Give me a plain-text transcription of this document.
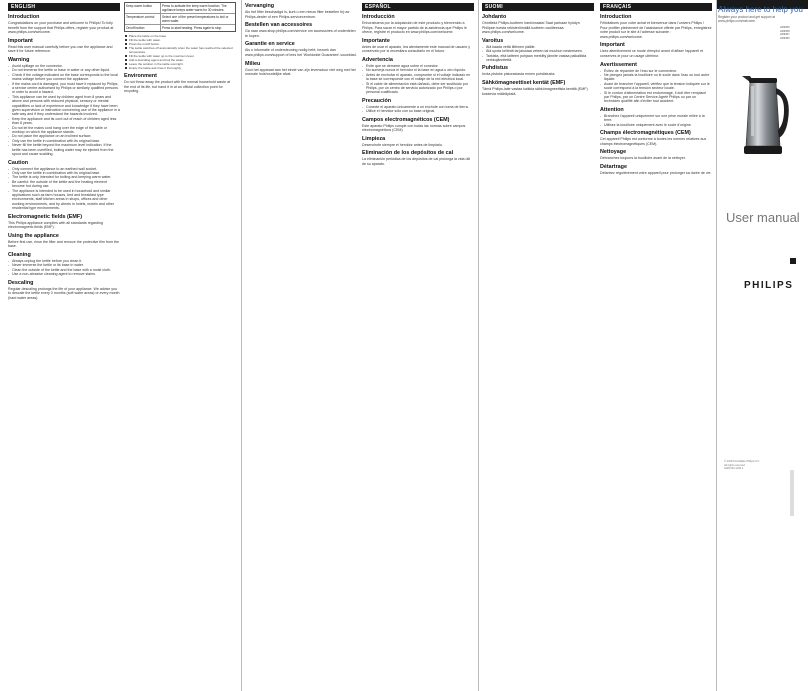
ENGLISH
Introduction
Congratulations on your purchase and welcome to Philips! To fully benefit from the support that Philips offers, register your product at www.philips.com/welcome.
Important
Read this user manual carefully before you use the appliance and save it for future reference.
Warning
- Avoid spillage on the connector.
- Do not immerse the kettle or base in water or any other liquid.
- Check if the voltage indicated on the base corresponds to the local mains voltage before you connect the appliance.
- If the mains cord is damaged, you must have it replaced by Philips, a service centre authorised by Philips or similarly qualified persons in order to avoid a hazard.
- This appliance can be used by children aged from 8 years and above and persons with reduced physical, sensory or mental capabilities or lack of experience and knowledge if they have been given supervision or instruction concerning use of the appliance in a safe way and if they understand the hazards involved.
- Keep the appliance and its cord out of reach of children aged less than 8 years.
- Do not let the mains cord hang over the edge of the table or worktop on which the appliance stands.
- Do not place the appliance on an inclined surface.
- Only use the kettle in combination with its original base.
- Never fill the kettle beyond the maximum level indication. If the kettle has been overfilled, boiling water may be ejected from the spout and cause scalding.
Caution
- Only connect the appliance to an earthed wall socket.
- Only use the kettle in combination with its original base.
- The kettle is only intended for boiling and keeping warm water.
- Be careful: the outside of the kettle and the heating element become hot during use.
- The appliance is intended to be used in household and similar applications such as farm houses, bed and breakfast type environments, staff kitchen areas in shops, offices and other working environments, and by clients in hotels, motels and other residential type environments.
Electromagnetic fields (EMF)
This Philips appliance complies with all standards regarding electromagnetic fields (EMF).
Using the appliance
Before first use, rinse the filter and remove the protective film from the base.
Cleaning
- Always unplug the kettle before you clean it.
- Never immerse the kettle or its base in water.
- Clean the outside of the kettle and the base with a moist cloth.
- Use a non-abrasive cleaning agent to remove stains.
Descaling
Regular descaling prolongs the life of your appliance. We advise you to descale the kettle every 3 months (soft water areas) or every month (hard water areas).
Keep-warm button	Press to activate the keep warm function. The appliance keeps water warm for 30 minutes.
Temperature control	Select one of the preset temperatures to boil or warm water.
On/off button	Press to start heating. Press again to stop.
Place the kettle on the base.
Fill the kettle with water.
Press the on/off button.
The kettle switches off automatically when the water has reached the selected temperature.
Fill the kettle with water up to the maximum level.
Add a descaling agent and boil the water.
Leave the solution in the kettle overnight.
Empty the kettle and rinse it thoroughly.
Environment
Do not throw away the product with the normal household waste at the end of its life, but hand it in at an official collection point for recycling.
Vervanging
Als het filter beschadigd is, kunt u een nieuw filter bestellen bij uw Philips-dealer of een Philips-servicecentrum.
Bestellen van accessoires
Ga naar www.shop.philips.com/service om accessoires of onderdelen te kopen.
Garantie en service
Als u informatie of ondersteuning nodig hebt, bezoek dan www.philips.com/support of lees het 'Worldwide Guarantee'-vouwblad.
Milieu
Gooi het apparaat aan het einde van zijn levensduur niet weg met het normale huishoudelijke afval.
ESPAÑOL
Introducción
Enhorabuena por la adquisición de este producto y bienvenido a Philips. Para sacar el mayor partido de la asistencia que Philips le ofrece, registre el producto en www.philips.com/welcome.
Importante
Antes de usar el aparato, lea atentamente este manual de usuario y consérvelo por si necesitara consultarlo en el futuro.
Advertencia
- Evite que se derrame agua sobre el conector.
- No sumerja nunca el hervidor ni la base en agua u otro líquido.
- Antes de enchufar el aparato, compruebe si el voltaje indicado en la base se corresponde con el voltaje de la red eléctrica local.
- Si el cable de alimentación está dañado, debe ser sustituido por Philips, por un centro de servicio autorizado por Philips o por personal cualificado.
Precaución
- Conecte el aparato únicamente a un enchufe con toma de tierra.
- Utilice el hervidor sólo con su base original.
Campos electromagnéticos (CEM)
Este aparato Philips cumple con todas las normas sobre campos electromagnéticos (CEM).
Limpieza
Desenchufe siempre el hervidor antes de limpiarlo.
Eliminación de los depósitos de cal
La eliminación periódica de los depósitos de cal prolonga la vida útil de su aparato.
SUOMI
Johdanto
Onnittelut Philips-tuotteen hankinnasta! Saat parhaan hyödyn Philipsin tuesta rekisteröimällä tuotteen osoitteessa www.philips.com/welcome.
Varoitus
- Älä kaada vettä liittimen päälle.
- Älä upota keitintä tai jalustaa veteen tai muuhun nesteeseen.
- Tarkista, että laitteen pohjaan merkitty jännite vastaa paikallista verkkojännitettä.
Puhdistus
Irrota pistoke pistorasiasta ennen puhdistusta.
Sähkömagneettiset kentät (EMF)
Tämä Philips-laite vastaa kaikkia sähkömagneettisia kenttiä (EMF) koskevia määräyksiä.
FRANÇAIS
Introduction
Félicitations pour votre achat et bienvenue dans l'univers Philips ! Pour profiter pleinement de l'assistance offerte par Philips, enregistrez votre produit sur le site à l'adresse suivante : www.philips.com/welcome.
Important
Lisez attentivement ce mode d'emploi avant d'utiliser l'appareil et conservez-le pour un usage ultérieur.
Avertissement
- Évitez de répandre de l'eau sur le connecteur.
- Ne plongez jamais la bouilloire ou le socle dans l'eau ou tout autre liquide.
- Avant de brancher l'appareil, vérifiez que la tension indiquée sur le socle correspond à la tension secteur locale.
- Si le cordon d'alimentation est endommagé, il doit être remplacé par Philips, par un Centre Service Agréé Philips ou par un technicien qualifié afin d'éviter tout accident.
Attention
- Branchez l'appareil uniquement sur une prise murale reliée à la terre.
- Utilisez la bouilloire uniquement avec le socle d'origine.
Champs électromagnétiques (CEM)
Cet appareil Philips est conforme à toutes les normes relatives aux champs électromagnétiques (CEM).
Nettoyage
Débranchez toujours la bouilloire avant de la nettoyer.
Détartrage
Détartrez régulièrement votre appareil pour prolonger sa durée de vie.
Always here to help you
Register your product and get support at www.philips.com/welcome
HD9359
HD9358
HD9357
HD9356
User manual
PHILIPS
© 2018 Koninklijke Philips N.V.
All rights reserved
4239.001.1234.1
